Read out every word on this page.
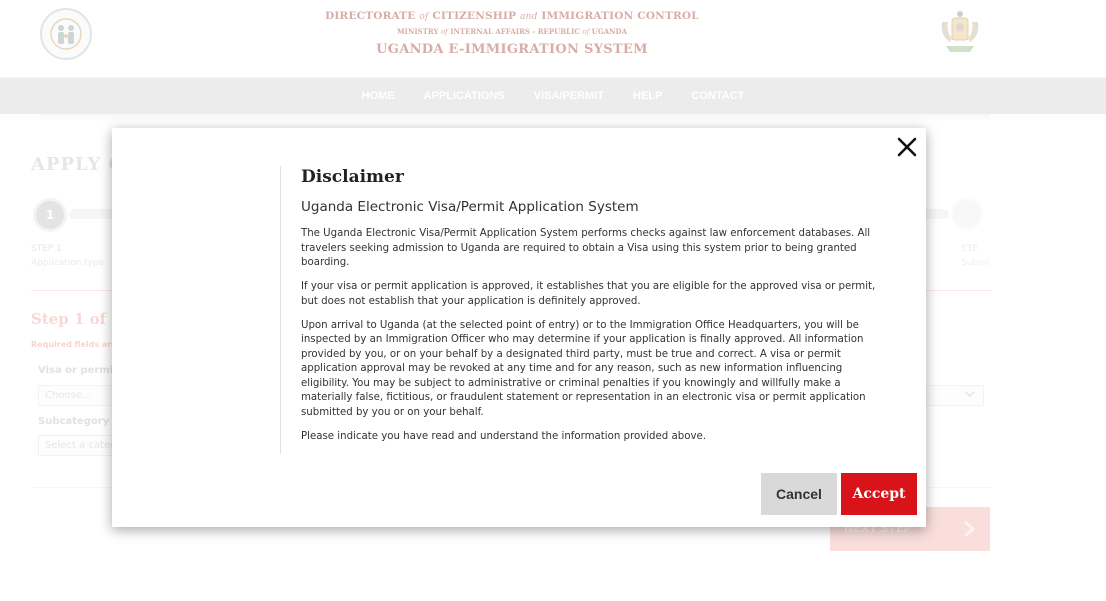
Disclaimer
Uganda Electronic Visa/Permit Application System

The Uganda Electronic Visa/Permit Application System performs checks against law enforcement databases. All travelers seeking admission to Uganda are required to obtain a Visa using this system prior to being granted boarding.

If your visa or permit application is approved, it establishes that you are eligible for the approved visa or permit, but does not establish that your application is definitely approved.

Upon arrival to Uganda (at the selected point of entry) or to the Immigration Office Headquarters, you will be inspected by an Immigration Officer who may determine if your application is finally approved. All information provided by you, or on your behalf by a designated third party, must be true and correct. A visa or permit application approval may be revoked at any time and for any reason, such as new information influencing eligibility. You may be subject to administrative or criminal penalties if you knowingly and willfully make a materially false, fictitious, or fraudulent statement or representation in an electronic visa or permit application submitted by you or on your behalf.

Please indicate you have read and understand the information provided above.

Cancel	Accept
